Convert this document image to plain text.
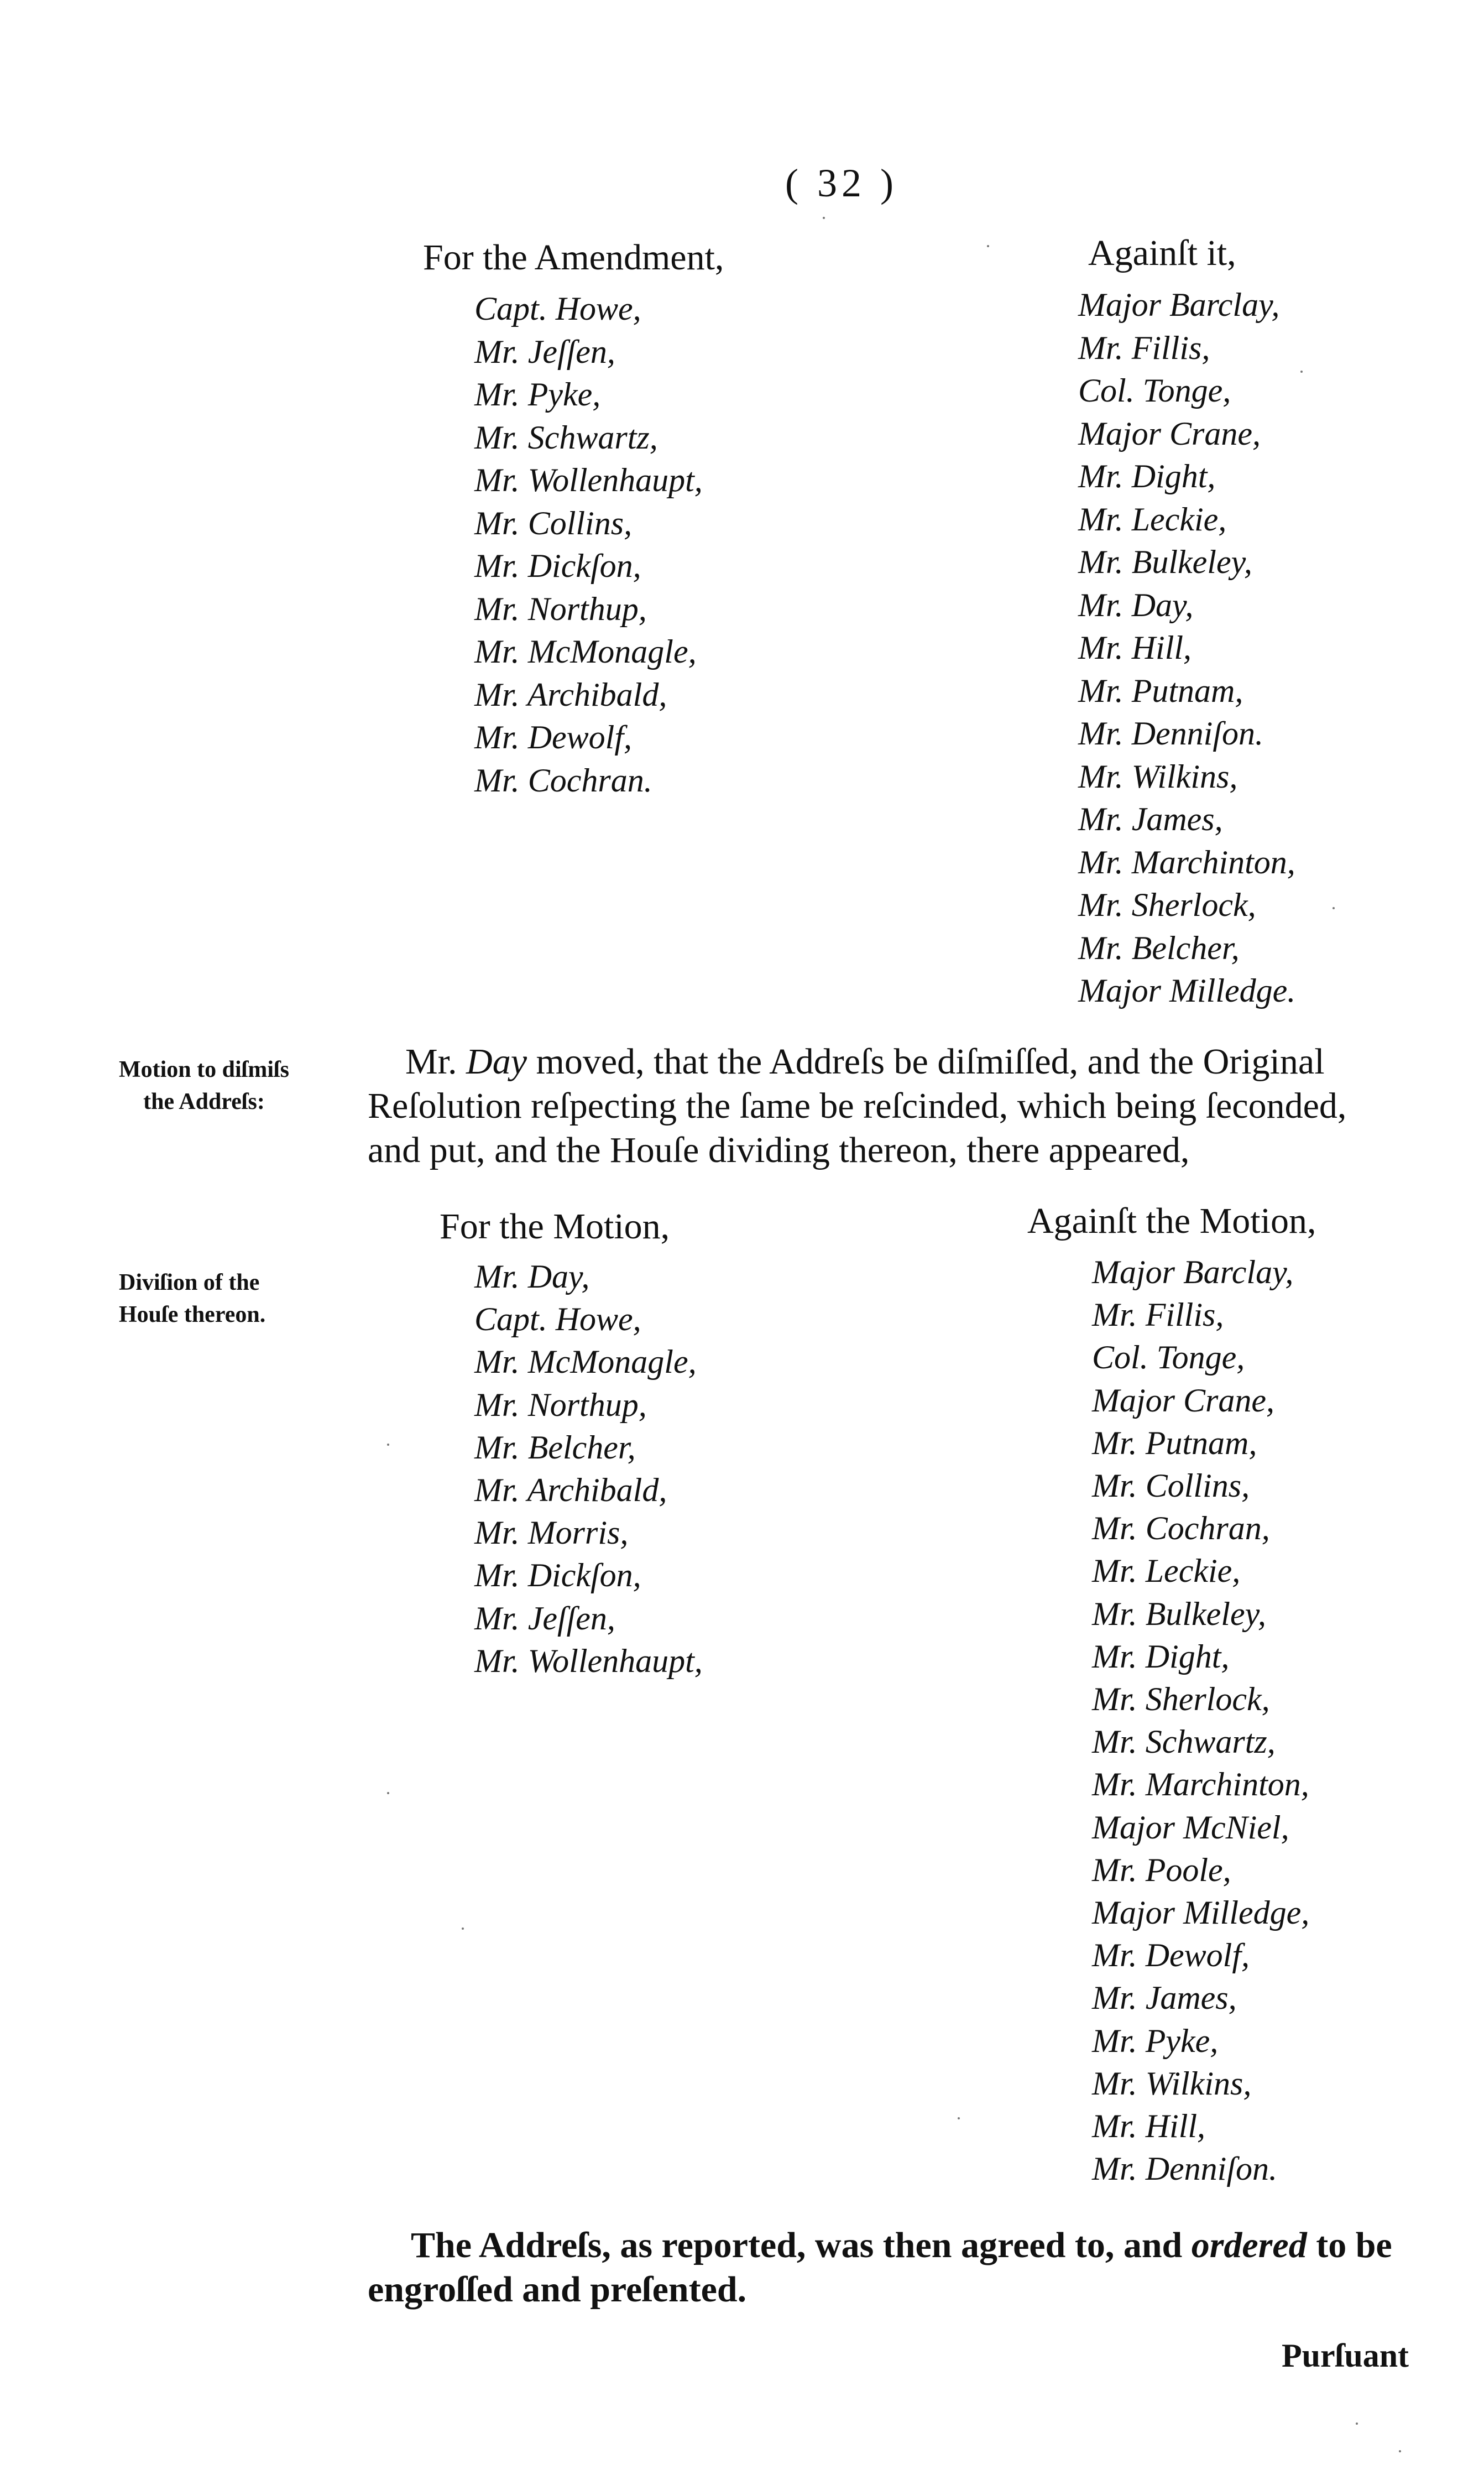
( 32 )
For the Amendment,
Capt. Howe,
Mr. Jeſſen,
Mr. Pyke,
Mr. Schwartz,
Mr. Wollenhaupt,
Mr. Collins,
Mr. Dickſon,
Mr. Northup,
Mr. McMonagle,
Mr. Archibald,
Mr. Dewolf,
Mr. Cochran.
Againſt it,
Major Barclay,
Mr. Fillis,
Col. Tonge,
Major Crane,
Mr. Dight,
Mr. Leckie,
Mr. Bulkeley,
Mr. Day,
Mr. Hill,
Mr. Putnam,
Mr. Denniſon.
Mr. Wilkins,
Mr. James,
Mr. Marchinton,
Mr. Sherlock,
Mr. Belcher,
Major Milledge.
Motion to diſmiſs
the Addreſs:
Diviſion of the
Houſe thereon.

Mr. Day moved, that the Addreſs be diſmiſſed, and the Original

Reſolution reſpecting the ſame be reſcinded, which being ſeconded,

and put, and the Houſe dividing thereon, there appeared,

For the Motion,
Mr. Day,
Capt. Howe,
Mr. McMonagle,
Mr. Northup,
Mr. Belcher,
Mr. Archibald,
Mr. Morris,
Mr. Dickſon,
Mr. Jeſſen,
Mr. Wollenhaupt,
Againſt the Motion,
Major Barclay,
Mr. Fillis,
Col. Tonge,
Major Crane,
Mr. Putnam,
Mr. Collins,
Mr. Cochran,
Mr. Leckie,
Mr. Bulkeley,
Mr. Dight,
Mr. Sherlock,
Mr. Schwartz,
Mr. Marchinton,
Major McNiel,
Mr. Poole,
Major Milledge,
Mr. Dewolf,
Mr. James,
Mr. Pyke,
Mr. Wilkins,
Mr. Hill,
Mr. Denniſon.

The Addreſs, as reported, was then agreed to, and ordered to be

engroſſed and preſented.

Purſuant
